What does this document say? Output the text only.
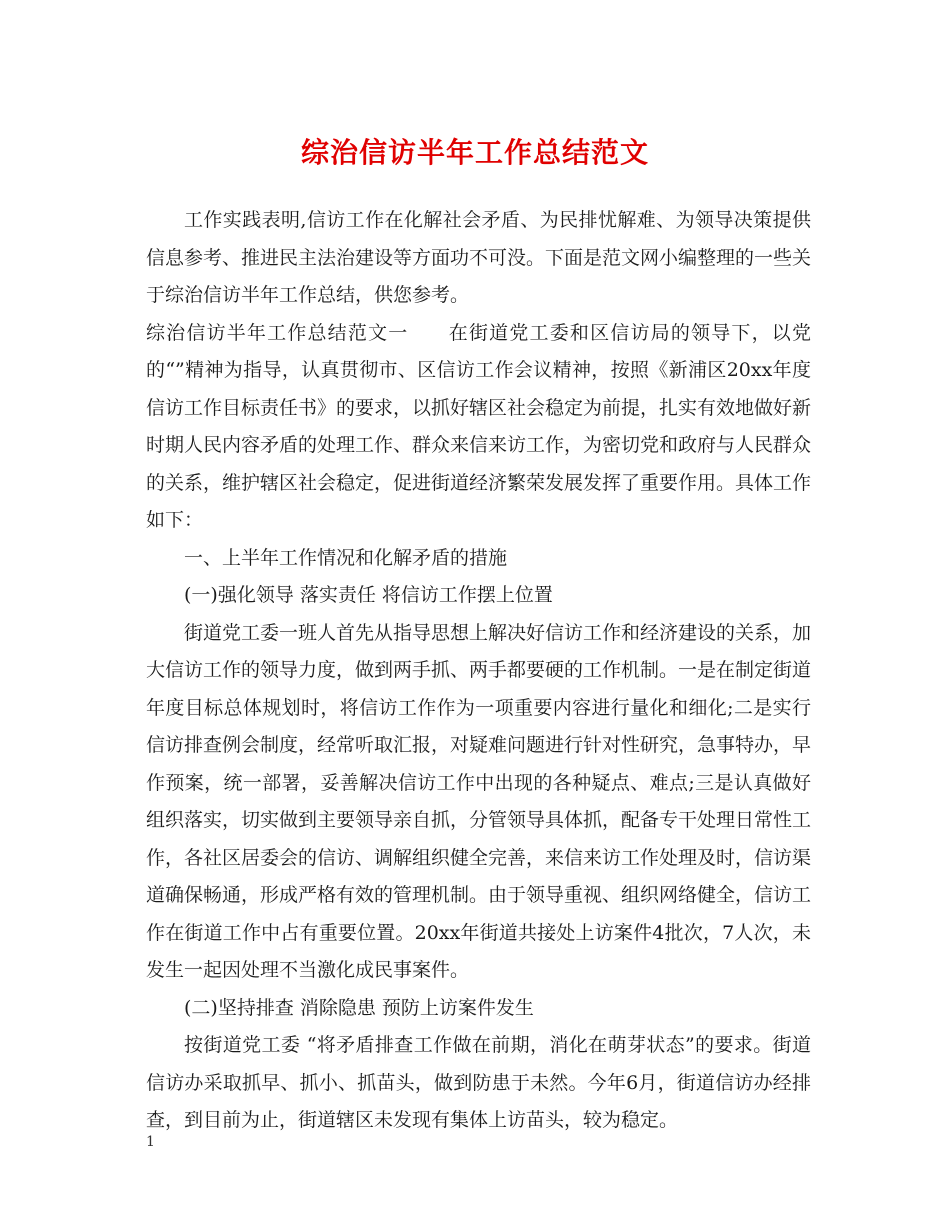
综治信访半年工作总结范文

工作实践表明,信访工作在化解社会矛盾、为民排忧解难、为领导决策提供信息参考、推进民主法治建设等方面功不可没。下面是范文网小编整理的一些关于综治信访半年工作总结，供您参考。

综治信访半年工作总结范文一　　在街道党工委和区信访局的领导下，以党的“”精神为指导，认真贯彻市、区信访工作会议精神，按照《新浦区20xx年度信访工作目标责任书》的要求，以抓好辖区社会稳定为前提，扎实有效地做好新时期人民内容矛盾的处理工作、群众来信来访工作，为密切党和政府与人民群众的关系，维护辖区社会稳定，促进街道经济繁荣发展发挥了重要作用。具体工作如下：

一、上半年工作情况和化解矛盾的措施

(一)强化领导 落实责任 将信访工作摆上位置

街道党工委一班人首先从指导思想上解决好信访工作和经济建设的关系，加大信访工作的领导力度，做到两手抓、两手都要硬的工作机制。一是在制定街道年度目标总体规划时，将信访工作作为一项重要内容进行量化和细化;二是实行信访排查例会制度，经常听取汇报，对疑难问题进行针对性研究，急事特办，早作预案，统一部署，妥善解决信访工作中出现的各种疑点、难点;三是认真做好组织落实，切实做到主要领导亲自抓，分管领导具体抓，配备专干处理日常性工作，各社区居委会的信访、调解组织健全完善，来信来访工作处理及时，信访渠道确保畅通，形成严格有效的管理机制。由于领导重视、组织网络健全，信访工作在街道工作中占有重要位置。20xx年街道共接处上访案件4批次，7人次，未发生一起因处理不当激化成民事案件。

(二)坚持排查 消除隐患 预防上访案件发生

按街道党工委 “将矛盾排查工作做在前期，消化在萌芽状态”的要求。街道信访办采取抓早、抓小、抓苗头，做到防患于未然。今年6月，街道信访办经排查，到目前为止，街道辖区未发现有集体上访苗头，较为稳定。

1
